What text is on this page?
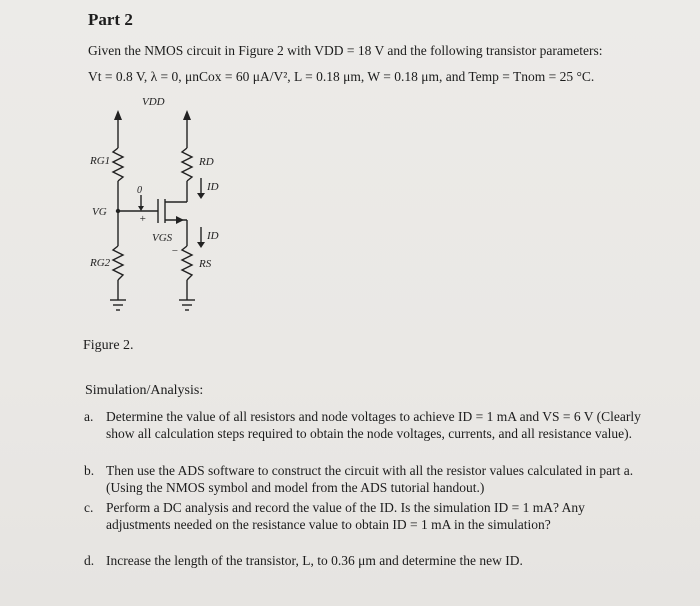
Part 2
Given the NMOS circuit in Figure 2 with VDD = 18 V and the following transistor parameters:
Vt = 0.8 V, λ = 0, μnCox = 60 μA/V², L = 0.18 μm, W = 0.18 μm, and Temp = Tnom = 25 °C.
VDD
RG1
VG
RG2
RD
RS
ID
ID
VGS
0
+
−
Figure 2.
Simulation/Analysis:
a. Determine the value of all resistors and node voltages to achieve ID = 1 mA and VS = 6 V (Clearly show all calculation steps required to obtain the node voltages, currents, and all resistance value).
b. Then use the ADS software to construct the circuit with all the resistor values calculated in part a. (Using the NMOS symbol and model from the ADS tutorial handout.)
c. Perform a DC analysis and record the value of the ID. Is the simulation ID = 1 mA? Any adjustments needed on the resistance value to obtain ID = 1 mA in the simulation?
d. Increase the length of the transistor, L, to 0.36 μm and determine the new ID.
